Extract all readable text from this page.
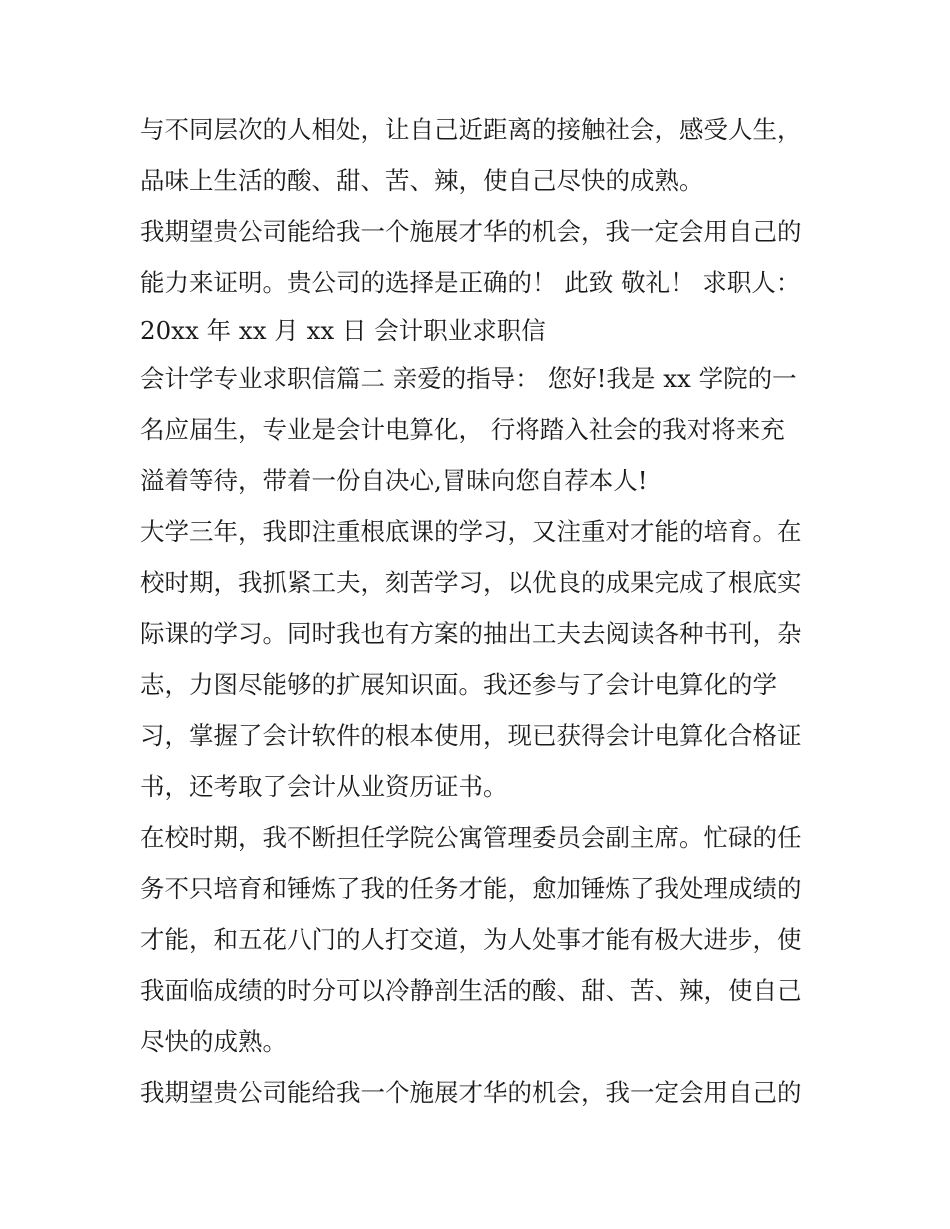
与不同层次的人相处，让自己近距离的接触社会，感受人生，
品味上生活的酸、甜、苦、辣，使自己尽快的成熟。
我期望贵公司能给我一个施展才华的机会，我一定会用自己的
能力来证明。贵公司的选择是正确的！ 此致 敬礼！ 求职人：
20xx 年 xx 月 xx 日 会计职业求职信
会计学专业求职信篇二 亲爱的指导： 您好!我是 xx 学院的一
名应届生，专业是会计电算化， 行将踏入社会的我对将来充
溢着等待，带着一份自决心,冒昧向您自荐本人!
大学三年，我即注重根底课的学习，又注重对才能的培育。在
校时期，我抓紧工夫，刻苦学习，以优良的成果完成了根底实
际课的学习。同时我也有方案的抽出工夫去阅读各种书刊，杂
志，力图尽能够的扩展知识面。我还参与了会计电算化的学
习，掌握了会计软件的根本使用，现已获得会计电算化合格证
书，还考取了会计从业资历证书。
在校时期，我不断担任学院公寓管理委员会副主席。忙碌的任
务不只培育和锤炼了我的任务才能，愈加锤炼了我处理成绩的
才能，和五花八门的人打交道，为人处事才能有极大进步，使
我面临成绩的时分可以冷静剖生活的酸、甜、苦、辣，使自己
尽快的成熟。
我期望贵公司能给我一个施展才华的机会，我一定会用自己的
